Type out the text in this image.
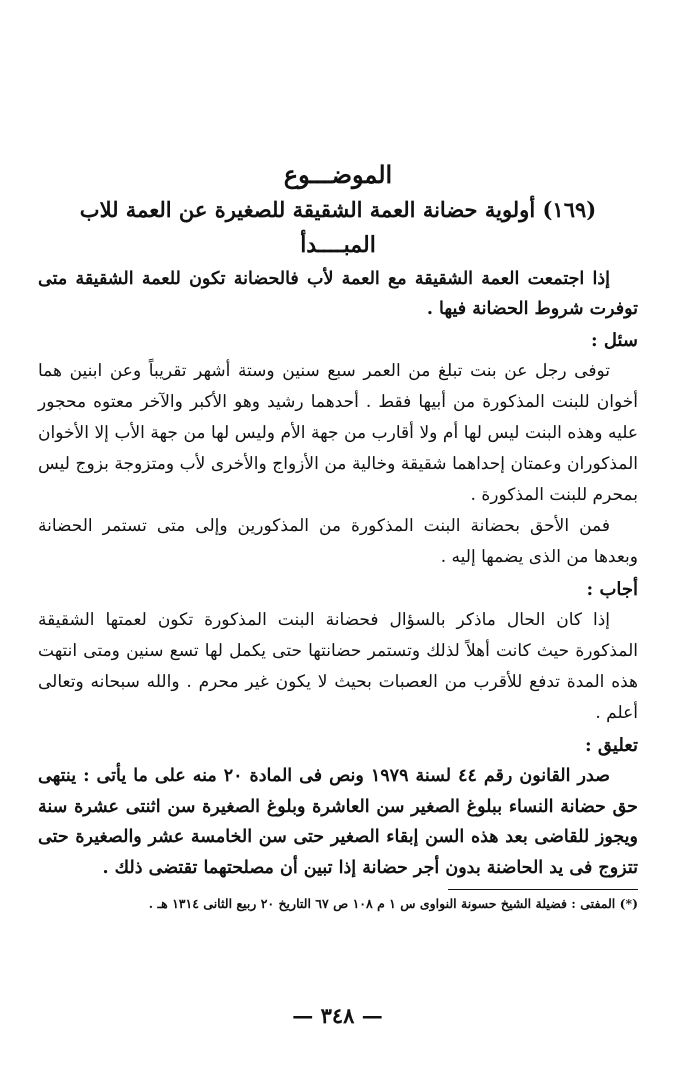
الموضـــوع

(١٦٩) أولوية حضانة العمة الشقيقة للصغيرة عن العمة للاب

المبــــدأ

إذا اجتمعت العمة الشقيقة مع العمة لأب فالحضانة تكون للعمة الشقيقة متى توفرت شروط الحضانة فيها .

سئل :

توفى رجل عن بنت تبلغ من العمر سبع سنين وستة أشهر تقريباً وعن ابنين هما أخوان للبنت المذكورة من أبيها فقط . أحدهما رشيد وهو الأكبر والآخر معتوه محجور عليه وهذه البنت ليس لها أم ولا أقارب من جهة الأم وليس لها من جهة الأب إلا الأخوان المذكوران وعمتان إحداهما شقيقة وخالية من الأزواج والأخرى لأب ومتزوجة بزوج ليس بمحرم للبنت المذكورة .

فمن الأحق بحضانة البنت المذكورة من المذكورين وإلى متى تستمر الحضانة وبعدها من الذى يضمها إليه .

أجاب :

إذا كان الحال ماذكر بالسؤال فحضانة البنت المذكورة تكون لعمتها الشقيقة المذكورة حيث كانت أهلاً لذلك وتستمر حضانتها حتى يكمل لها تسع سنين ومتى انتهت هذه المدة تدفع للأقرب من العصبات بحيث لا يكون غير محرم . والله سبحانه وتعالى أعلم .

تعليق :

صدر القانون رقم ٤٤ لسنة ١٩٧٩ ونص فى المادة ٢٠ منه على ما يأتى : ينتهى حق حضانة النساء ببلوغ الصغير سن العاشرة وبلوغ الصغيرة سن اثنتى عشرة سنة ويجوز للقاضى بعد هذه السن إبقاء الصغير حتى سن الخامسة عشر والصغيرة حتى تتزوج فى يد الحاضنة بدون أجر حضانة إذا تبين أن مصلحتهما تقتضى ذلك .

(*) المفتى : فضيلة الشيخ حسونة النواوى س ١ م ١٠٨ ص ٦٧ التاريخ ٢٠ ربيع الثانى ١٣١٤ هـ .

— ٣٤٨ —
